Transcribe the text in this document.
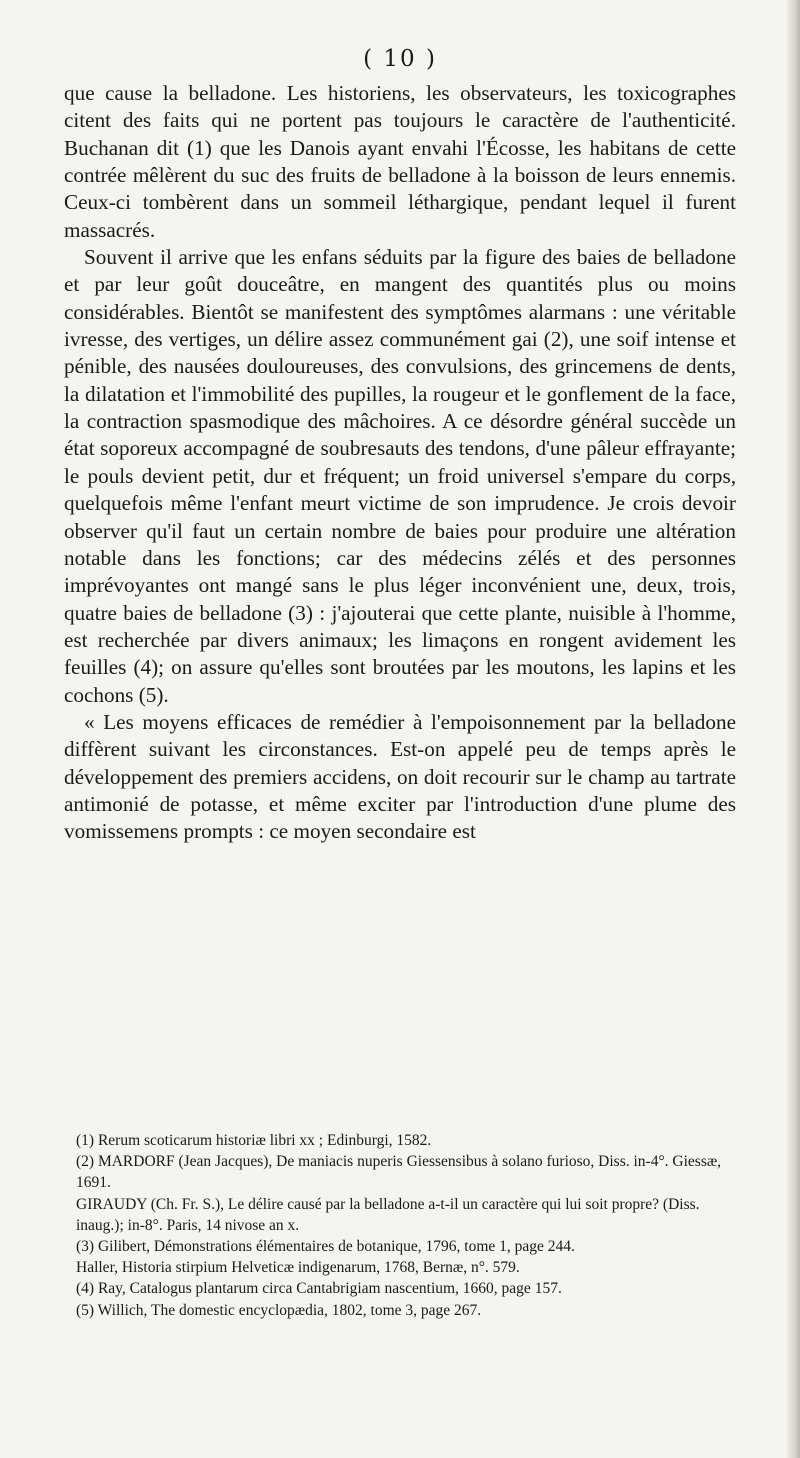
( 10 )

que cause la belladone. Les historiens, les observateurs, les toxicographes citent des faits qui ne portent pas toujours le caractère de l'authenticité. Buchanan dit (1) que les Danois ayant envahi l'Écosse, les habitans de cette contrée mêlèrent du suc des fruits de belladone à la boisson de leurs ennemis. Ceux-ci tombèrent dans un sommeil léthargique, pendant lequel il furent massacrés.

Souvent il arrive que les enfans séduits par la figure des baies de belladone et par leur goût douceâtre, en mangent des quantités plus ou moins considérables. Bientôt se manifestent des symptômes alarmans : une véritable ivresse, des vertiges, un délire assez communément gai (2), une soif intense et pénible, des nausées douloureuses, des convulsions, des grincemens de dents, la dilatation et l'immobilité des pupilles, la rougeur et le gonflement de la face, la contraction spasmodique des mâchoires. A ce désordre général succède un état soporeux accompagné de soubresauts des tendons, d'une pâleur effrayante; le pouls devient petit, dur et fréquent; un froid universel s'empare du corps, quelquefois même l'enfant meurt victime de son imprudence. Je crois devoir observer qu'il faut un certain nombre de baies pour produire une altération notable dans les fonctions; car des médecins zélés et des personnes imprévoyantes ont mangé sans le plus léger inconvénient une, deux, trois, quatre baies de belladone (3) : j'ajouterai que cette plante, nuisible à l'homme, est recherchée par divers animaux; les limaçons en rongent avidement les feuilles (4); on assure qu'elles sont broutées par les moutons, les lapins et les cochons (5).

« Les moyens efficaces de remédier à l'empoisonnement par la belladone diffèrent suivant les circonstances. Est-on appelé peu de temps après le développement des premiers accidens, on doit recourir sur le champ au tartrate antimonié de potasse, et même exciter par l'introduction d'une plume des vomissemens prompts : ce moyen secondaire est

(1) Rerum scoticarum historiæ libri xx ; Edinburgi, 1582.

(2) MARDORF (Jean Jacques), De maniacis nuperis Giessensibus à solano furioso, Diss. in-4°. Giessæ, 1691.

GIRAUDY (Ch. Fr. S.), Le délire causé par la belladone a-t-il un caractère qui lui soit propre? (Diss. inaug.); in-8°. Paris, 14 nivose an x.

(3) Gilibert, Démonstrations élémentaires de botanique, 1796, tome 1, page 244.

Haller, Historia stirpium Helveticæ indigenarum, 1768, Bernæ, n°. 579.

(4) Ray, Catalogus plantarum circa Cantabrigiam nascentium, 1660, page 157.

(5) Willich, The domestic encyclopædia, 1802, tome 3, page 267.
